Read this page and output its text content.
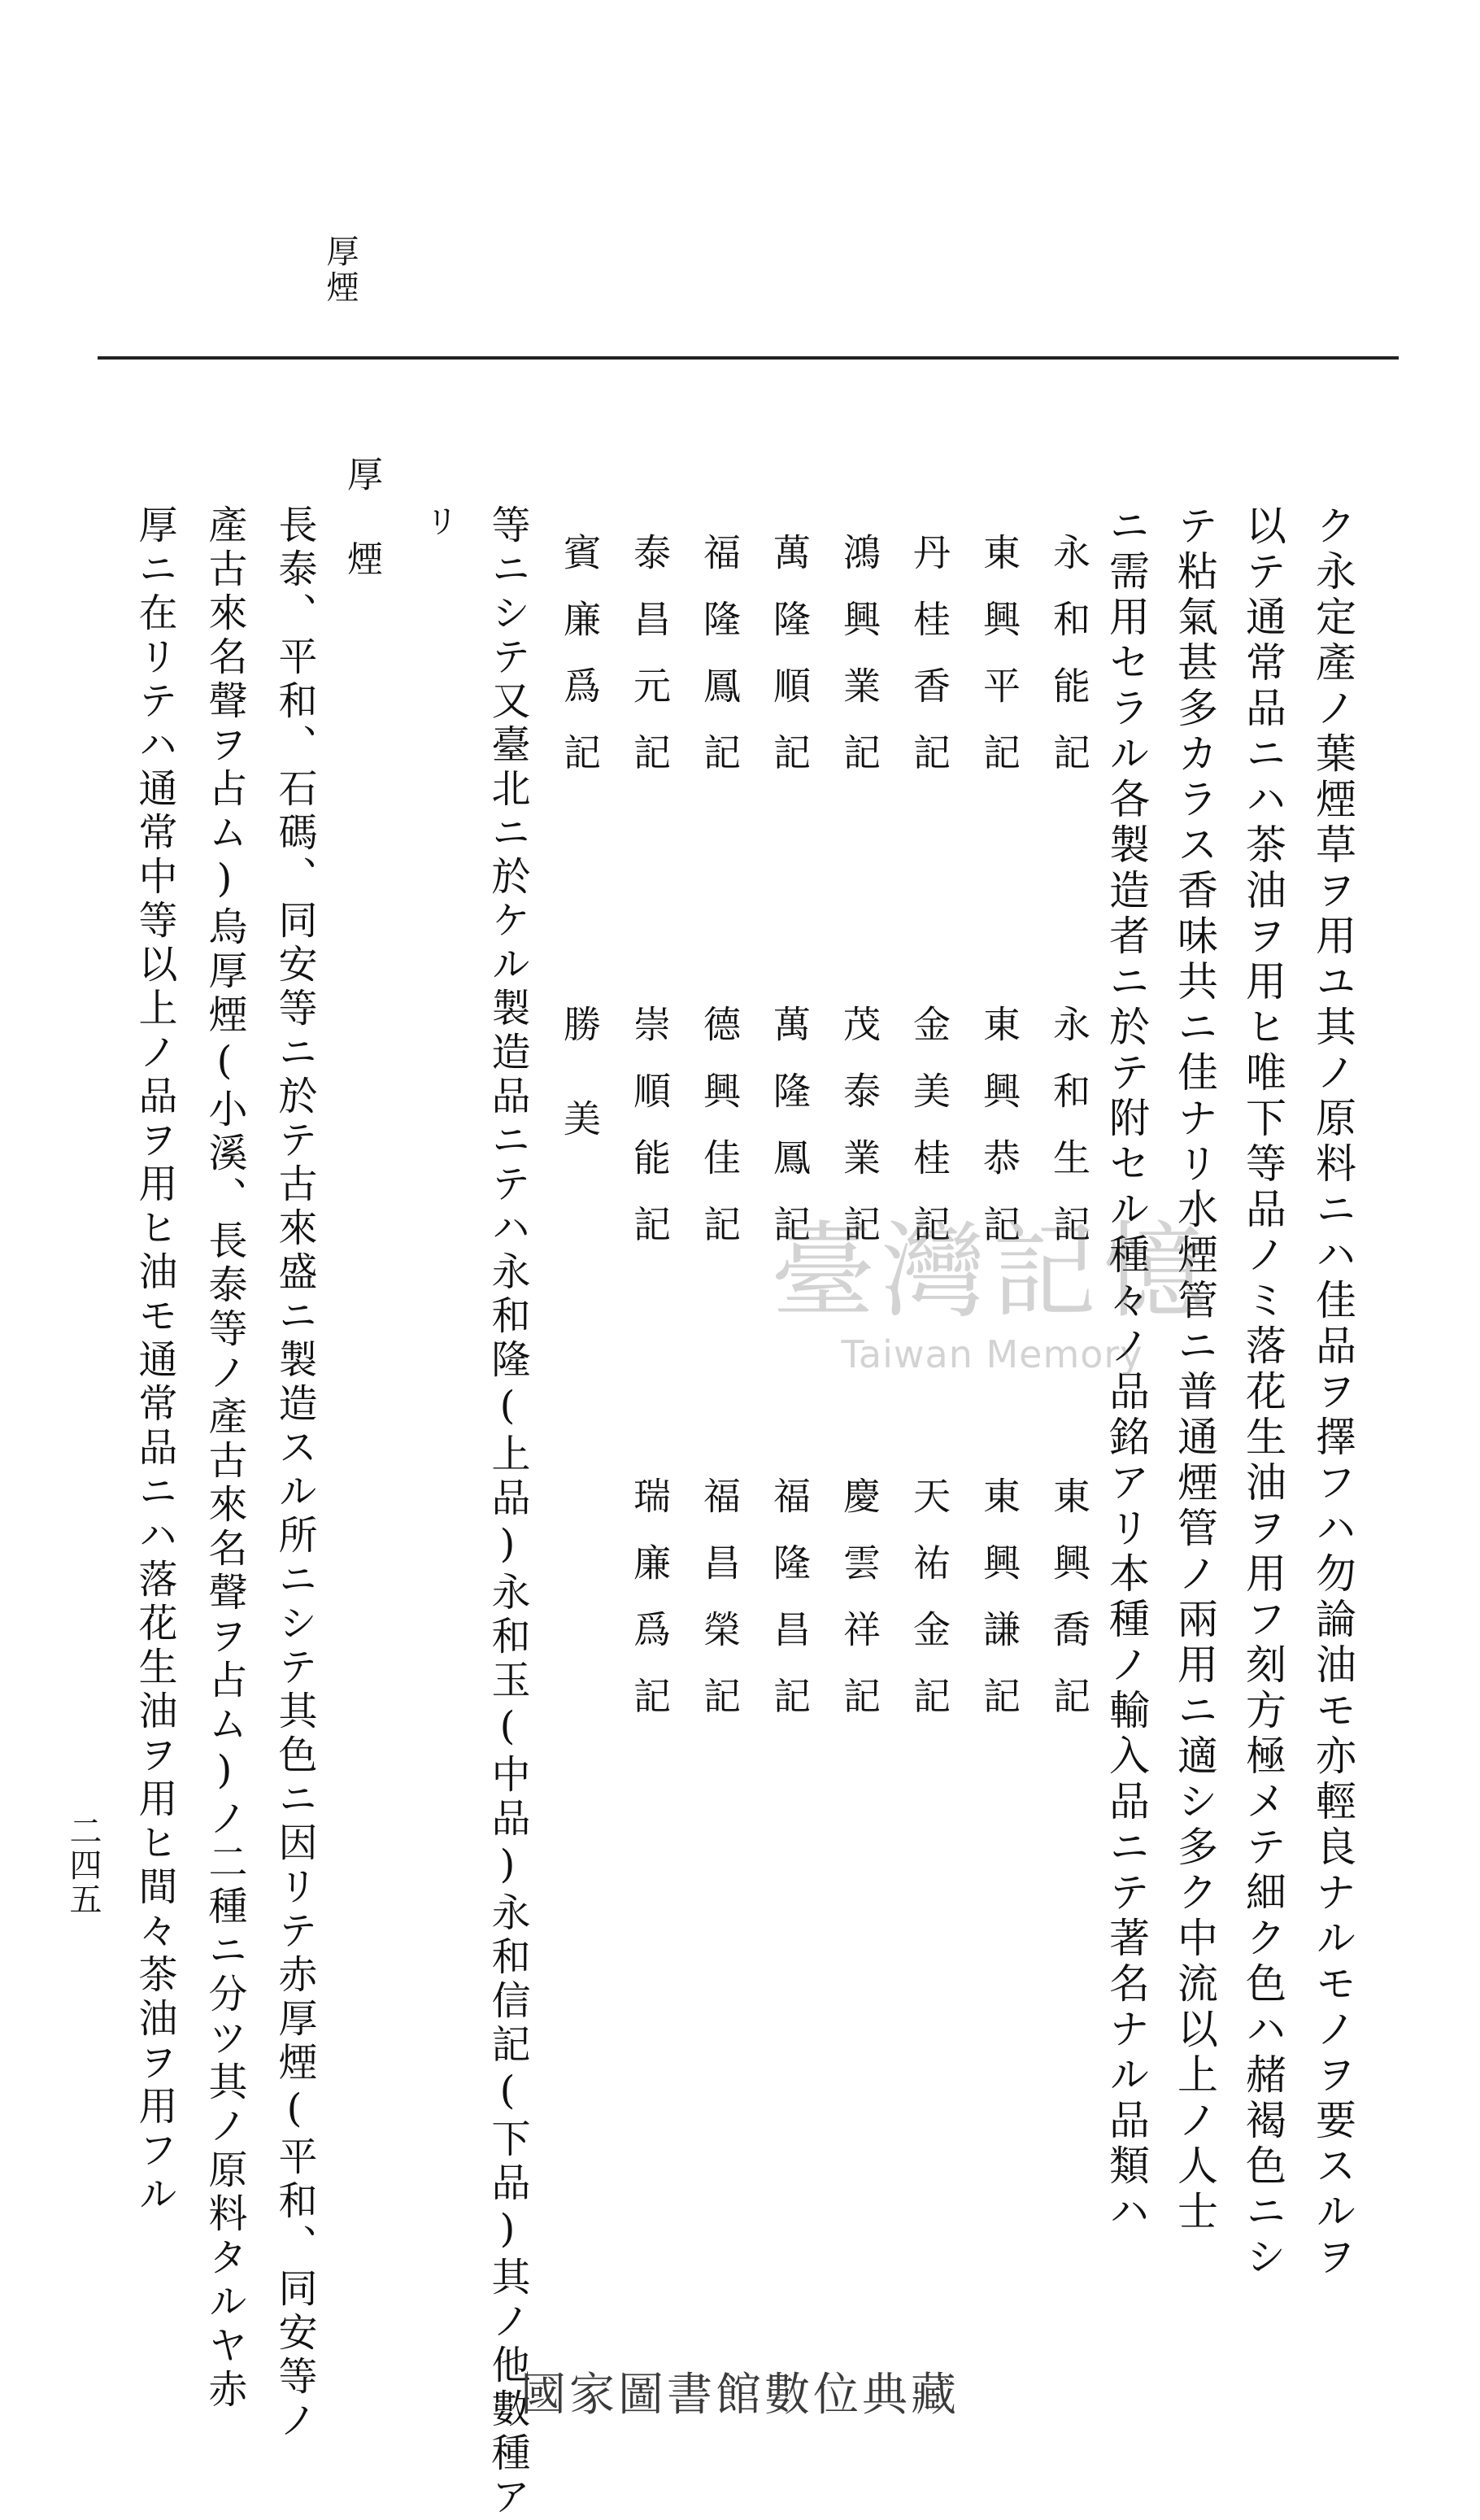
厚煙
ク永定產ノ葉煙草ヲ用ユ其ノ原料ニハ佳品ヲ擇フハ勿論油モ亦輕良ナルモノヲ要スルヲ
以テ通常品ニハ茶油ヲ用ヒ唯下等品ノミ落花生油ヲ用フ刻方極メテ細ク色ハ赭褐色ニシ
テ粘氣甚多カラス香味共ニ佳ナリ水煙管ニ普通煙管ノ兩用ニ適シ多ク中流以上ノ人士
ニ需用セラル各製造者ニ於テ附セル種々ノ品銘アリ本種ノ輸入品ニテ著名ナル品類ハ
永和能記
永和生記
東興喬記
東興平記
東興恭記
東興謙記
丹桂香記
金美桂記
天祐金記
鴻興業記
茂泰業記
慶雲祥記
萬隆順記
萬隆鳳記
福隆昌記
福隆鳳記
德興佳記
福昌榮記
泰昌元記
崇順能記
瑞廉爲記
賓廉爲記
勝美
等ニシテ又臺北ニ於ケル製造品ニテハ永和隆(上品)永和玉(中品)永和信記(下品)其ノ他數種ア
リ
厚煙
長泰、平和、石碼、同安等ニ於テ古來盛ニ製造スル所ニシテ其色ニ因リテ赤厚煙(平和、同安等ノ
產古來名聲ヲ占ム)烏厚煙(小溪、長泰等ノ產古來名聲ヲ占ム)ノ二種ニ分ツ其ノ原料タルヤ赤
厚ニ在リテハ通常中等以上ノ品ヲ用ヒ油モ通常品ニハ落花生油ヲ用ヒ間々茶油ヲ用フル
二四五
臺灣記憶
Taiwan Memory
國家圖書館數位典藏
